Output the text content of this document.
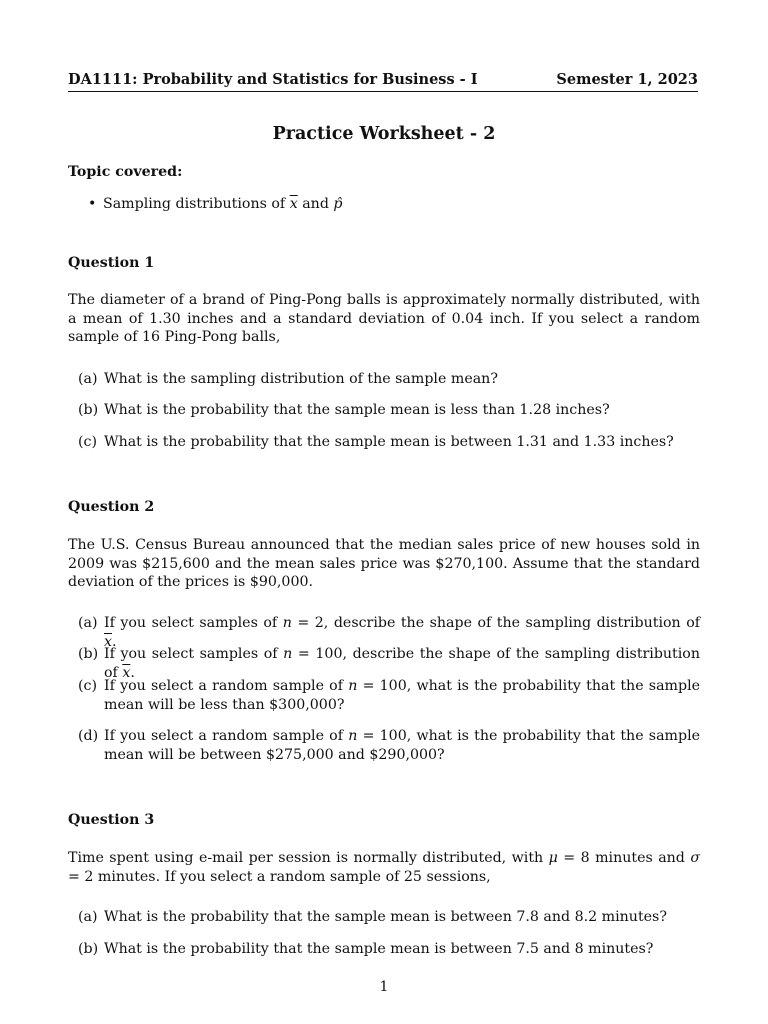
DA1111: Probability and Statistics for Business - I	Semester 1, 2023
Practice Worksheet - 2
Topic covered:
• Sampling distributions of $\overline{x}$ and p̂
Question 1
The diameter of a brand of Ping-Pong balls is approximately normally distributed, with a mean of 1.30 inches and a standard deviation of 0.04 inch. If you select a random sample of 16 Ping-Pong balls,
(a) What is the sampling distribution of the sample mean?
(b) What is the probability that the sample mean is less than 1.28 inches?
(c) What is the probability that the sample mean is between 1.31 and 1.33 inches?
Question 2
The U.S. Census Bureau announced that the median sales price of new houses sold in 2009 was $215,600 and the mean sales price was $270,100. Assume that the standard deviation of the prices is $90,000.
(a) If you select samples of n = 2, describe the shape of the sampling distribution of $\overline{x}$.
(b) If you select samples of n = 100, describe the shape of the sampling distribution of $\overline{x}$.
(c) If you select a random sample of n = 100, what is the probability that the sample mean will be less than $300,000?
(d) If you select a random sample of n = 100, what is the probability that the sample mean will be between $275,000 and $290,000?
Question 3
Time spent using e-mail per session is normally distributed, with μ = 8 minutes and σ = 2 minutes. If you select a random sample of 25 sessions,
(a) What is the probability that the sample mean is between 7.8 and 8.2 minutes?
(b) What is the probability that the sample mean is between 7.5 and 8 minutes?
1
